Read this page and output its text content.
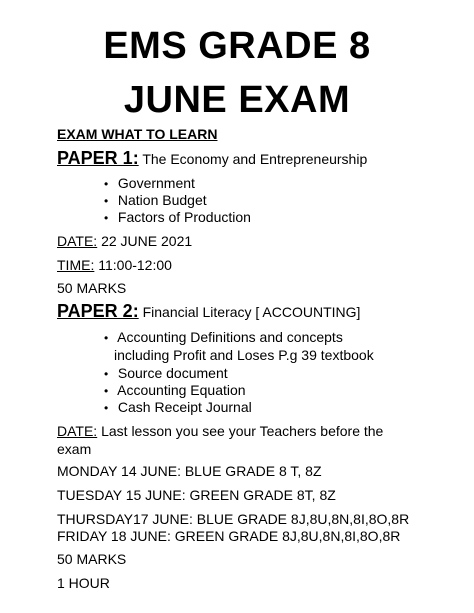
EMS GRADE 8
JUNE EXAM
EXAM WHAT TO LEARN
PAPER 1: The Economy and Entrepreneurship
• Government
• Nation Budget
• Factors of Production
DATE: 22 JUNE 2021
TIME: 11:00-12:00
50 MARKS
PAPER 2: Financial Literacy [ ACCOUNTING]
• Accounting Definitions and concepts
including Profit and Loses P.g 39 textbook
• Source document
• Accounting Equation
• Cash Receipt Journal
DATE: Last lesson you see your Teachers before the
exam
MONDAY 14 JUNE: BLUE GRADE 8 T, 8Z
TUESDAY 15 JUNE: GREEN GRADE 8T, 8Z
THURSDAY17 JUNE: BLUE GRADE 8J,8U,8N,8I,8O,8R
FRIDAY 18 JUNE: GREEN GRADE 8J,8U,8N,8I,8O,8R
50 MARKS
1 HOUR
